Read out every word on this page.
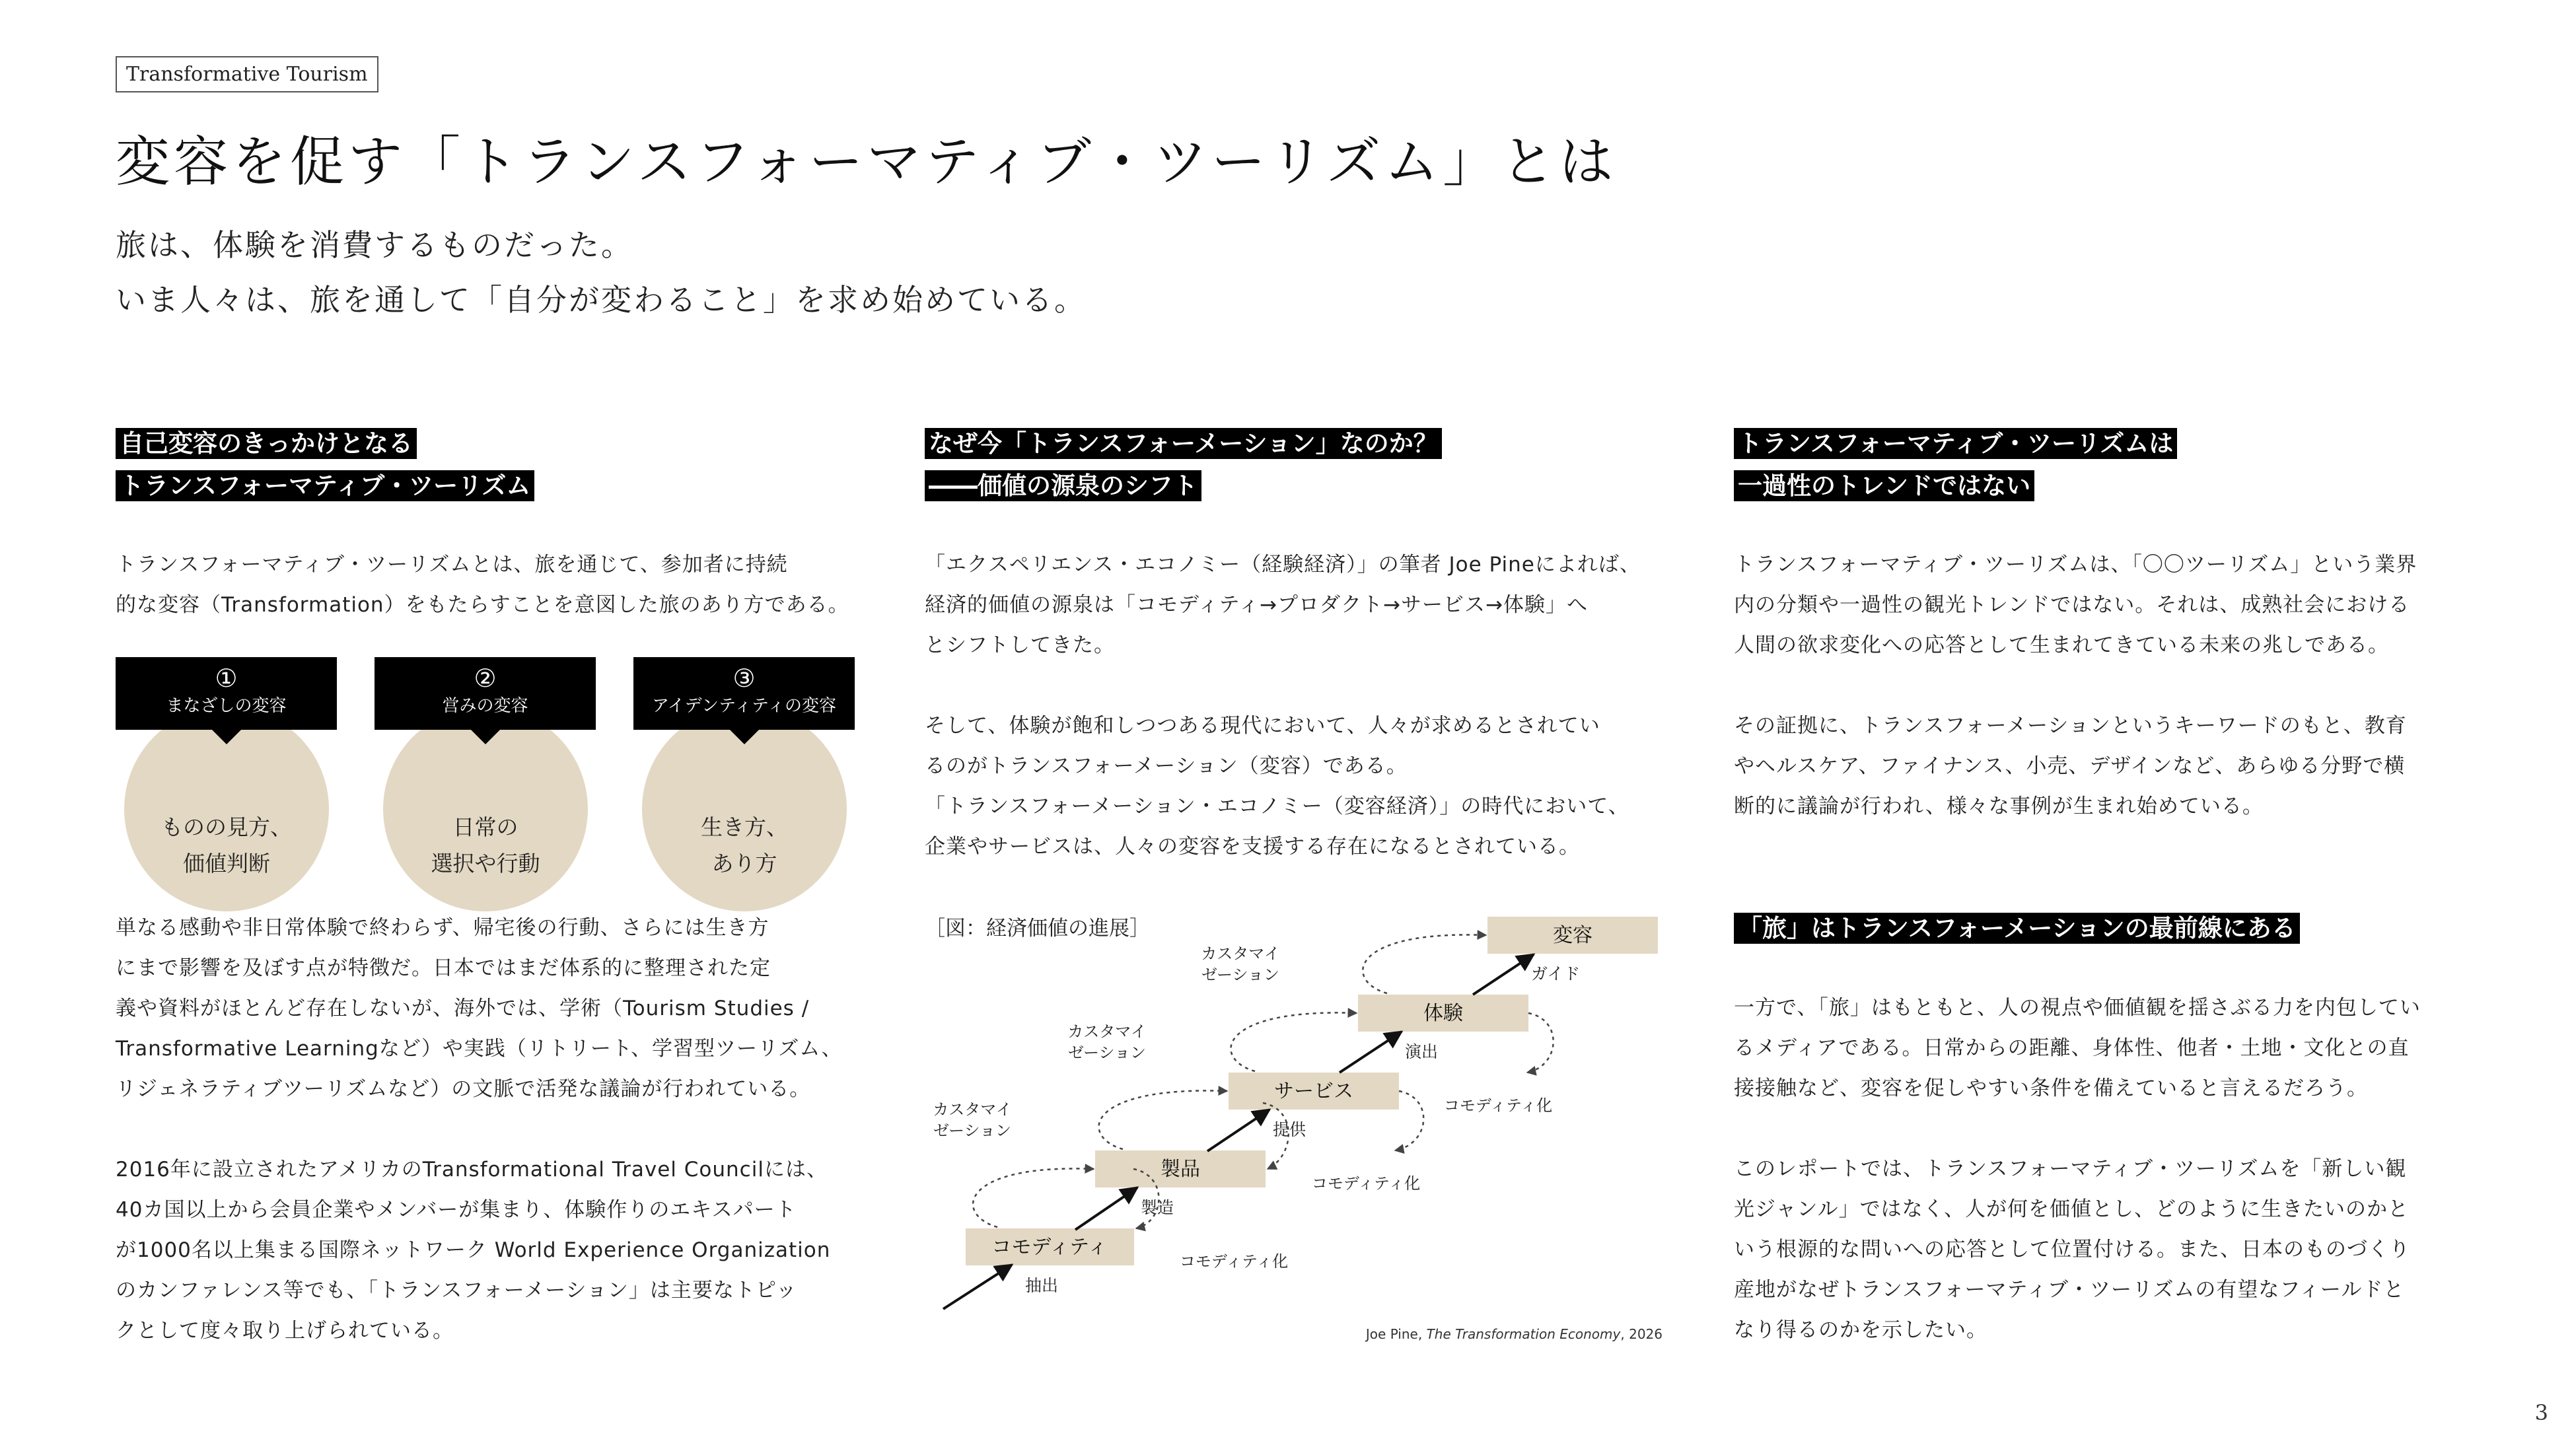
Transformative Tourism
変容を促す「トランスフォーマティブ・ツーリズム」とは
旅は、体験を消費するものだった。
いま人々は、旅を通して「自分が変わること」を求め始めている。
自己変容のきっかけとなる
トランスフォーマティブ・ツーリズム
トランスフォーマティブ・ツーリズムとは、旅を通じて、参加者に持続
的な変容（Transformation）をもたらすことを意図した旅のあり方である。
ものの見方、
価値判断
日常の
選択や行動
生き方、
あり方
①
まなざしの変容
②
営みの変容
③
アイデンティティの変容

単なる感動や非日常体験で終わらず、帰宅後の行動、さらには生き方
にまで影響を及ぼす点が特徴だ。日本ではまだ体系的に整理された定
義や資料がほとんど存在しないが、海外では、学術（Tourism Studies /
Transformative Learningなど）や実践（リトリート、学習型ツーリズム、
リジェネラティブツーリズムなど）の文脈で活発な議論が行われている。

2016年に設立されたアメリカのTransformational Travel Councilには、
40カ国以上から会員企業やメンバーが集まり、体験作りのエキスパート
が1000名以上集まる国際ネットワーク World Experience Organization
のカンファレンス等でも、「トランスフォーメーション」は主要なトピッ
クとして度々取り上げられている。

なぜ今「トランスフォーメーション」なのか？
――価値の源泉のシフト

「エクスペリエンス・エコノミー（経験経済）」の筆者 Joe Pineによれば、
経済的価値の源泉は「コモディティ→プロダクト→サービス→体験」へ
とシフトしてきた。

そして、体験が飽和しつつある現代において、人々が求めるとされてい
るのがトランスフォーメーション（変容）である。
「トランスフォーメーション・エコノミー（変容経済）」の時代において、
企業やサービスは、人々の変容を支援する存在になるとされている。

［図：経済価値の進展］
コモディティ
製品
サービス
体験
変容
抽出
製造
提供
演出
ガイド
カスタマイ
ゼーション
カスタマイ
ゼーション
カスタマイ
ゼーション
コモディティ化
コモディティ化
コモディティ化
Joe Pine, The Transformation Economy, 2026
トランスフォーマティブ・ツーリズムは
一過性のトレンドではない

トランスフォーマティブ・ツーリズムは、「〇〇ツーリズム」という業界
内の分類や一過性の観光トレンドではない。それは、成熟社会における
人間の欲求変化への応答として生まれてきている未来の兆しである。

その証拠に、トランスフォーメーションというキーワードのもと、教育
やヘルスケア、ファイナンス、小売、デザインなど、あらゆる分野で横
断的に議論が行われ、様々な事例が生まれ始めている。

「旅」はトランスフォーメーションの最前線にある

一方で、「旅」はもともと、人の視点や価値観を揺さぶる力を内包してい
るメディアである。日常からの距離、身体性、他者・土地・文化との直
接接触など、変容を促しやすい条件を備えていると言えるだろう。

このレポートでは、トランスフォーマティブ・ツーリズムを「新しい観
光ジャンル」ではなく、人が何を価値とし、どのように生きたいのかと
いう根源的な問いへの応答として位置付ける。また、日本のものづくり
産地がなぜトランスフォーマティブ・ツーリズムの有望なフィールドと
なり得るのかを示したい。

3
